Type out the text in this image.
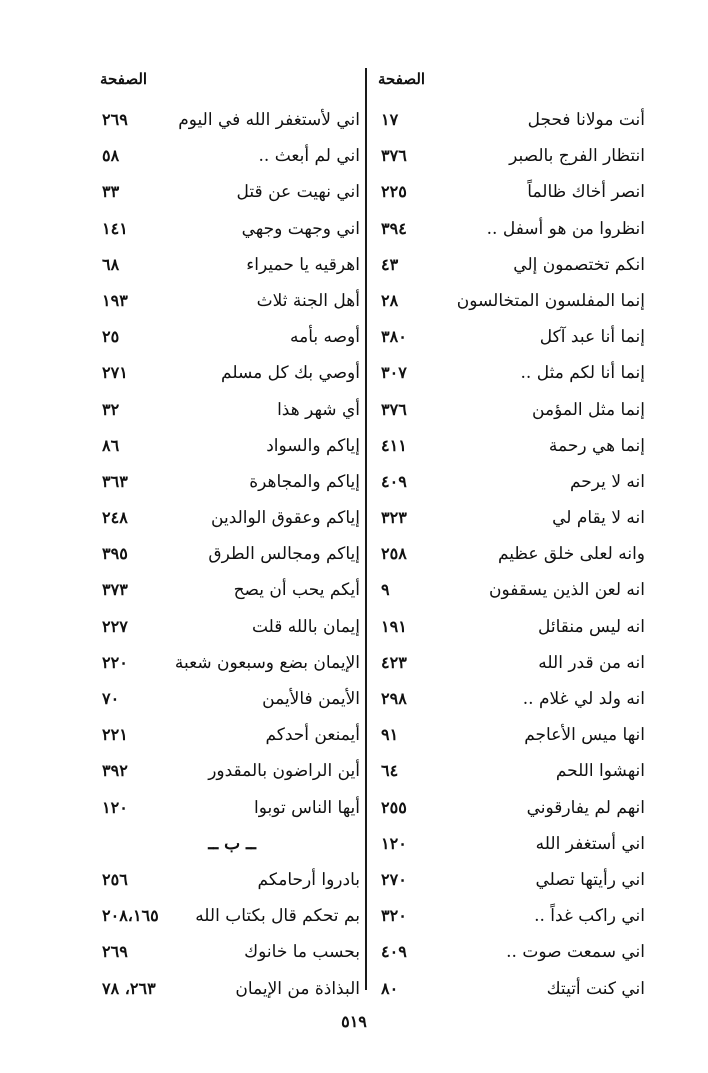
الصفحة
الصفحة
أنت مولانا فحجل
١٧
انتظار الفرج بالصبر
٣٧٦
انصر أخاك ظالماً
٢٢٥
انظروا من هو أسفل ..
٣٩٤
انكم تختصمون إلي
٤٣
إنما المفلسون المتخالسون
٢٨
إنما أنا عبد آكل
٣٨٠
إنما أنا لكم مثل ..
٣٠٧
إنما مثل المؤمن
٣٧٦
إنما هي رحمة
٤١١
انه لا يرحم
٤٠٩
انه لا يقام لي
٣٢٣
وانه لعلى خلق عظيم
٢٥٨
انه لعن الذين يسقفون
٩
انه ليس منقائل
١٩١
انه من قدر الله
٤٢٣
انه ولد لي غلام ..
٢٩٨
انها ميس الأعاجم
٩١
انهشوا اللحم
٦٤
انهم لم يفارقوني
٢٥٥
اني أستغفر الله
١٢٠
اني رأيتها تصلي
٢٧٠
اني راكب غداً ..
٣٢٠
اني سمعت صوت ..
٤٠٩
اني كنت أتيتك
٨٠
اني لأستغفر الله في اليوم
٢٦٩
اني لم أبعث ..
٥٨
اني نهيت عن قتل
٣٣
اني وجهت وجهي
١٤١
اهرقيه يا حميراء
٦٨
أهل الجنة ثلاث
١٩٣
أوصه بأمه
٢٥
أوصي بك كل مسلم
٢٧١
أي شهر هذا
٣٢
إياكم والسواد
٨٦
إياكم والمجاهرة
٣٦٣
إياكم وعقوق الوالدين
٢٤٨
إياكم ومجالس الطرق
٣٩٥
أيكم يحب أن يصح
٣٧٣
إيمان بالله قلت
٢٢٧
الإيمان بضع وسبعون شعبة
٢٢٠
الأيمن فالأيمن
٧٠
أيمنعن أحدكم
٢٢١
أين الراضون بالمقدور
٣٩٢
أيها الناس توبوا
١٢٠
ــ ب ــ
بادروا أرحامكم
٢٥٦
بم تحكم قال بكتاب الله
٢٠٨،١٦٥
بحسب ما خانوك
٢٦٩
البذاذة من الإيمان
٢٦٣، ٧٨
٥١٩
